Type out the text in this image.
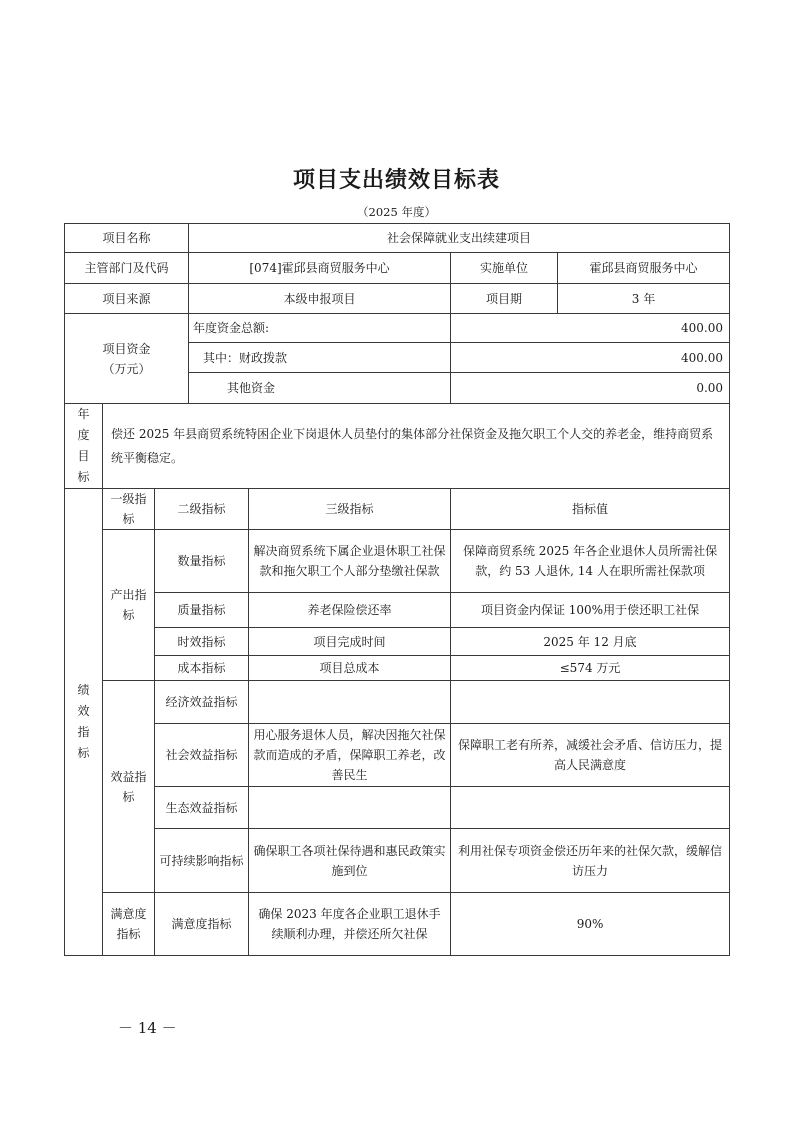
项目支出绩效目标表
（2025 年度）
项目名称			社会保障就业支出续建项目			
主管部门及代码			[074]霍邱县商贸服务中心		实施单位	霍邱县商贸服务中心
项目来源			本级申报项目		项目期	3 年

项目资金
（万元）			年度资金总额:		400.00	
			其中：财政拨款		400.00	
			其他资金		0.00	

年
度
目
标	偿还 2025 年县商贸系统特困企业下岗退休人员垫付的集体部分社保资金及拖欠职工个人交的养老金，维持商贸系统平衡稳定。					

绩
效
指
标	一级指标	二级指标		三级指标	指标值	
	产出指标	数量指标		解决商贸系统下属企业退休职工社保款和拖欠职工个人部分垫缴社保款	保障商贸系统 2025 年各企业退休人员所需社保款，约 53 人退休, 14 人在职所需社保款项	
		质量指标		养老保险偿还率	项目资金内保证 100%用于偿还职工社保	
		时效指标		项目完成时间	2025 年 12 月底	
		成本指标		项目总成本	≤574 万元	
	效益指标	经济效益指标				
		社会效益指标		用心服务退休人员，解决因拖欠社保款而造成的矛盾，保障职工养老，改善民生	保障职工老有所养，减缓社会矛盾、信访压力，提高人民满意度	
		生态效益指标				
		可持续影响指标		确保职工各项社保待遇和惠民政策实施到位	利用社保专项资金偿还历年来的社保欠款，缓解信访压力	
	满意度指标	满意度指标		确保 2023 年度各企业职工退休手续顺利办理，并偿还所欠社保	90%	
－ 14 －
